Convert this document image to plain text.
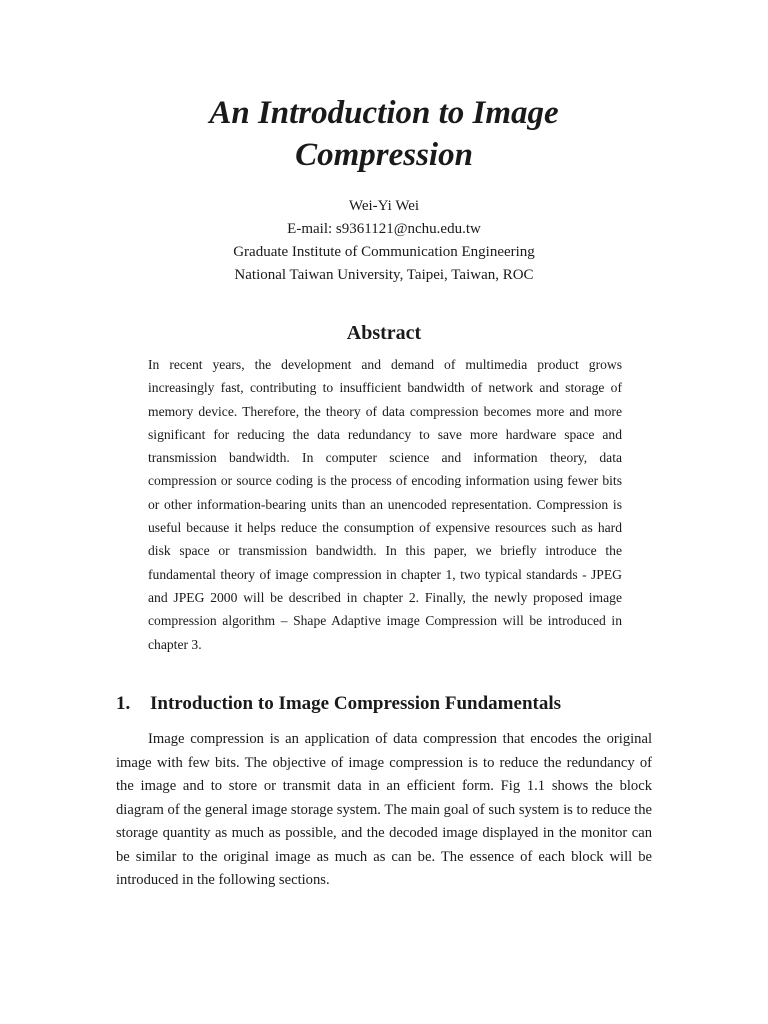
An Introduction to Image
Compression
Wei-Yi Wei
E-mail: s9361121@nchu.edu.tw
Graduate Institute of Communication Engineering
National Taiwan University, Taipei, Taiwan, ROC
Abstract

In recent years, the development and demand of multimedia product grows increasingly fast, contributing to insufficient bandwidth of network and storage of memory device. Therefore, the theory of data compression becomes more and more significant for reducing the data redundancy to save more hardware space and transmission bandwidth. In computer science and information theory, data compression or source coding is the process of encoding information using fewer bits or other information-bearing units than an unencoded representation. Compression is useful because it helps reduce the consumption of expensive resources such as hard disk space or transmission bandwidth. In this paper, we briefly introduce the fundamental theory of image compression in chapter 1, two typical standards - JPEG and JPEG 2000 will be described in chapter 2. Finally, the newly proposed image compression algorithm – Shape Adaptive image Compression will be introduced in chapter 3.

1. Introduction to Image Compression Fundamentals

Image compression is an application of data compression that encodes the original image with few bits. The objective of image compression is to reduce the redundancy of the image and to store or transmit data in an efficient form. Fig 1.1 shows the block diagram of the general image storage system. The main goal of such system is to reduce the storage quantity as much as possible, and the decoded image displayed in the monitor can be similar to the original image as much as can be. The essence of each block will be introduced in the following sections.
